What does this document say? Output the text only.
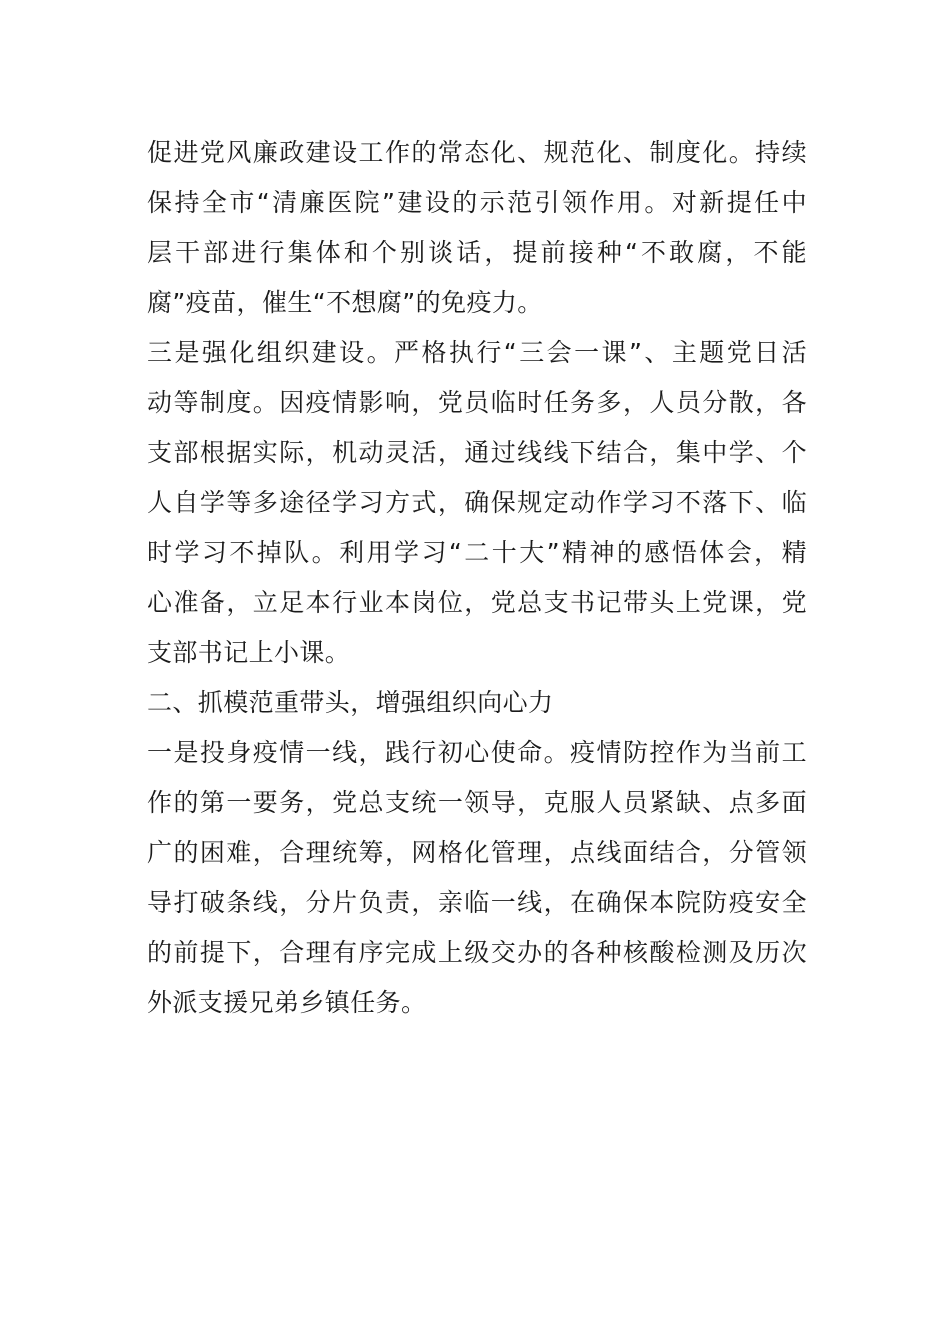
促进党风廉政建设工作的常态化、规范化、制度化。持续
保持全市“清廉医院”建设的示范引领作用。对新提任中
层干部进行集体和个别谈话，提前接种“不敢腐，不能
腐”疫苗，催生“不想腐”的免疫力。
三是强化组织建设。严格执行“三会一课”、主题党日活
动等制度。因疫情影响，党员临时任务多，人员分散，各
支部根据实际，机动灵活，通过线线下结合，集中学、个
人自学等多途径学习方式，确保规定动作学习不落下、临
时学习不掉队。利用学习“二十大”精神的感悟体会，精
心准备，立足本行业本岗位，党总支书记带头上党课，党
支部书记上小课。
二、抓模范重带头，增强组织向心力
一是投身疫情一线，践行初心使命。疫情防控作为当前工
作的第一要务，党总支统一领导，克服人员紧缺、点多面
广的困难，合理统筹，网格化管理，点线面结合，分管领
导打破条线，分片负责，亲临一线，在确保本院防疫安全
的前提下，合理有序完成上级交办的各种核酸检测及历次
外派支援兄弟乡镇任务。
